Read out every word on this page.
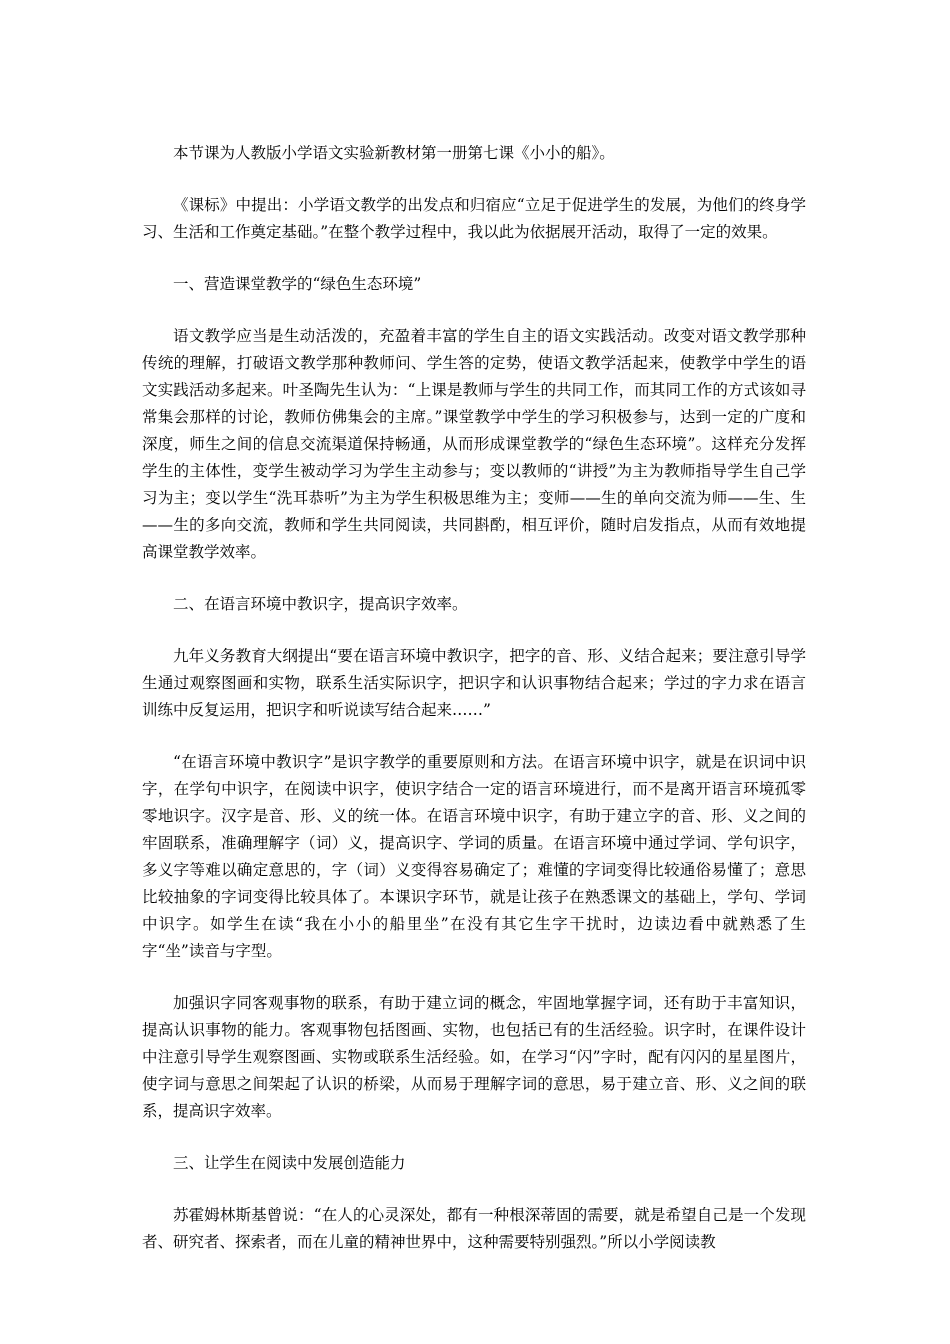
本节课为人教版小学语文实验新教材第一册第七课《小小的船》。

《课标》中提出：小学语文教学的出发点和归宿应“立足于促进学生的发展，为他们的终身学习、生活和工作奠定基础。”在整个教学过程中，我以此为依据展开活动，取得了一定的效果。

一、营造课堂教学的“绿色生态环境”

语文教学应当是生动活泼的，充盈着丰富的学生自主的语文实践活动。改变对语文教学那种传统的理解，打破语文教学那种教师问、学生答的定势，使语文教学活起来，使教学中学生的语文实践活动多起来。叶圣陶先生认为：“上课是教师与学生的共同工作，而其同工作的方式该如寻常集会那样的讨论，教师仿佛集会的主席。”课堂教学中学生的学习积极参与，达到一定的广度和深度，师生之间的信息交流渠道保持畅通，从而形成课堂教学的“绿色生态环境”。这样充分发挥学生的主体性，变学生被动学习为学生主动参与；变以教师的“讲授”为主为教师指导学生自己学习为主；变以学生“洗耳恭听”为主为学生积极思维为主；变师——生的单向交流为师——生、生——生的多向交流，教师和学生共同阅读，共同斟酌，相互评价，随时启发指点，从而有效地提高课堂教学效率。

二、在语言环境中教识字，提高识字效率。

九年义务教育大纲提出“要在语言环境中教识字，把字的音、形、义结合起来；要注意引导学生通过观察图画和实物，联系生活实际识字，把识字和认识事物结合起来；学过的字力求在语言训练中反复运用，把识字和听说读写结合起来……”

“在语言环境中教识字”是识字教学的重要原则和方法。在语言环境中识字，就是在识词中识字，在学句中识字，在阅读中识字，使识字结合一定的语言环境进行，而不是离开语言环境孤零零地识字。汉字是音、形、义的统一体。在语言环境中识字，有助于建立字的音、形、义之间的牢固联系，准确理解字（词）义，提高识字、学词的质量。在语言环境中通过学词、学句识字，多义字等难以确定意思的，字（词）义变得容易确定了；难懂的字词变得比较通俗易懂了；意思比较抽象的字词变得比较具体了。本课识字环节，就是让孩子在熟悉课文的基础上，学句、学词中识字。如学生在读“我在小小的船里坐”在没有其它生字干扰时，边读边看中就熟悉了生字“坐”读音与字型。

加强识字同客观事物的联系，有助于建立词的概念，牢固地掌握字词，还有助于丰富知识，提高认识事物的能力。客观事物包括图画、实物，也包括已有的生活经验。识字时，在课件设计中注意引导学生观察图画、实物或联系生活经验。如，在学习“闪”字时，配有闪闪的星星图片，使字词与意思之间架起了认识的桥梁，从而易于理解字词的意思，易于建立音、形、义之间的联系，提高识字效率。

三、让学生在阅读中发展创造能力

苏霍姆林斯基曾说：“在人的心灵深处，都有一种根深蒂固的需要，就是希望自己是一个发现者、研究者、探索者，而在儿童的精神世界中，这种需要特别强烈。”所以小学阅读教
